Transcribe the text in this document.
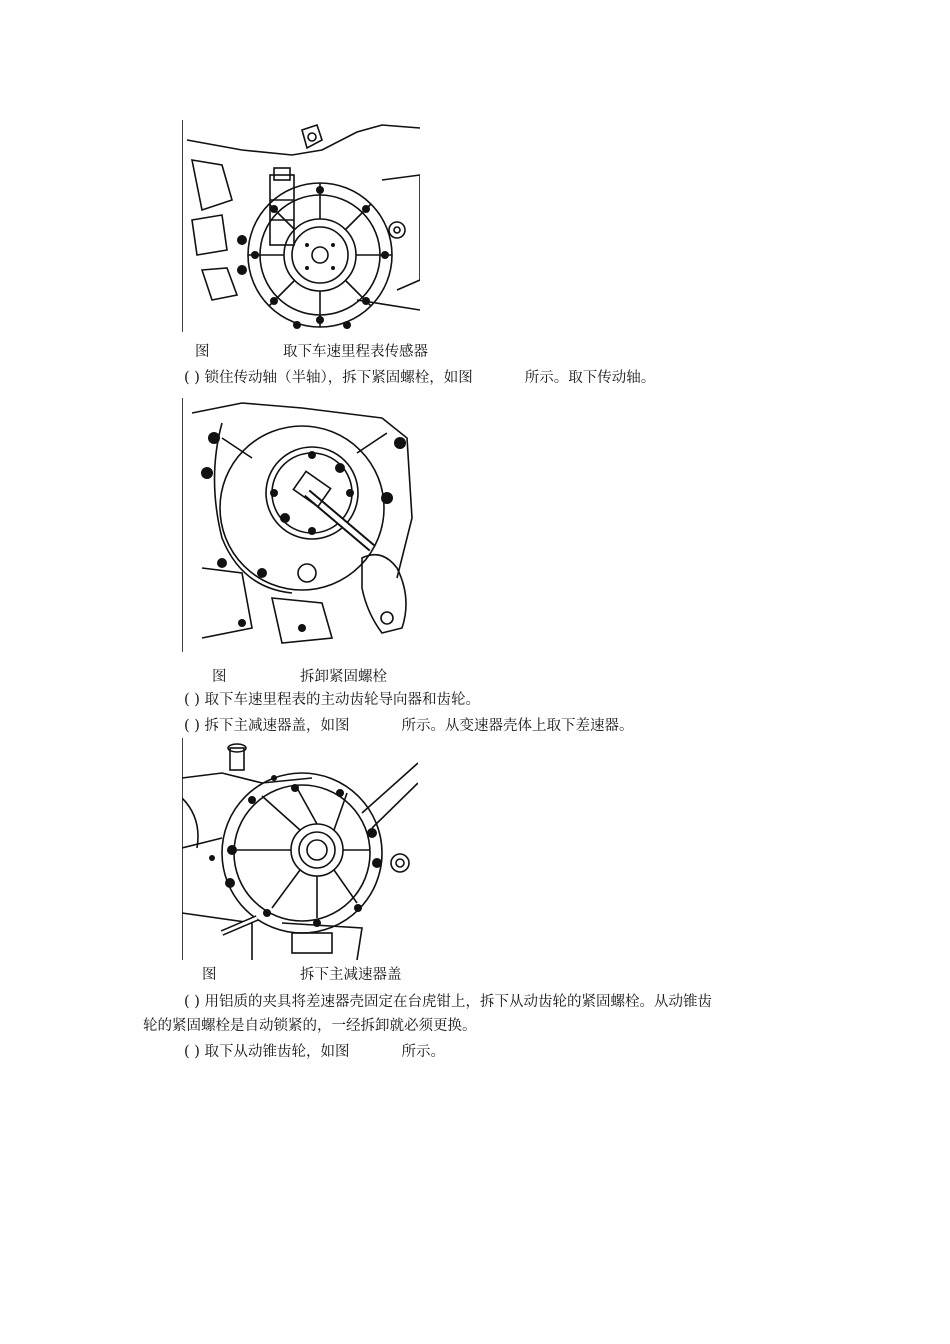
图	取下车速里程表传感器
( ) 锁住传动轴（半轴），拆下紧固螺栓，如图	所示。取下传动轴。
图	拆卸紧固螺栓
( ) 取下车速里程表的主动齿轮导向器和齿轮。
( ) 拆下主减速器盖，如图	所示。从变速器壳体上取下差速器。
图	拆下主减速器盖
( ) 用铝质的夹具将差速器壳固定在台虎钳上，拆下从动齿轮的紧固螺栓。从动锥齿
轮的紧固螺栓是自动锁紧的，一经拆卸就必须更换。
( ) 取下从动锥齿轮，如图	所示。
